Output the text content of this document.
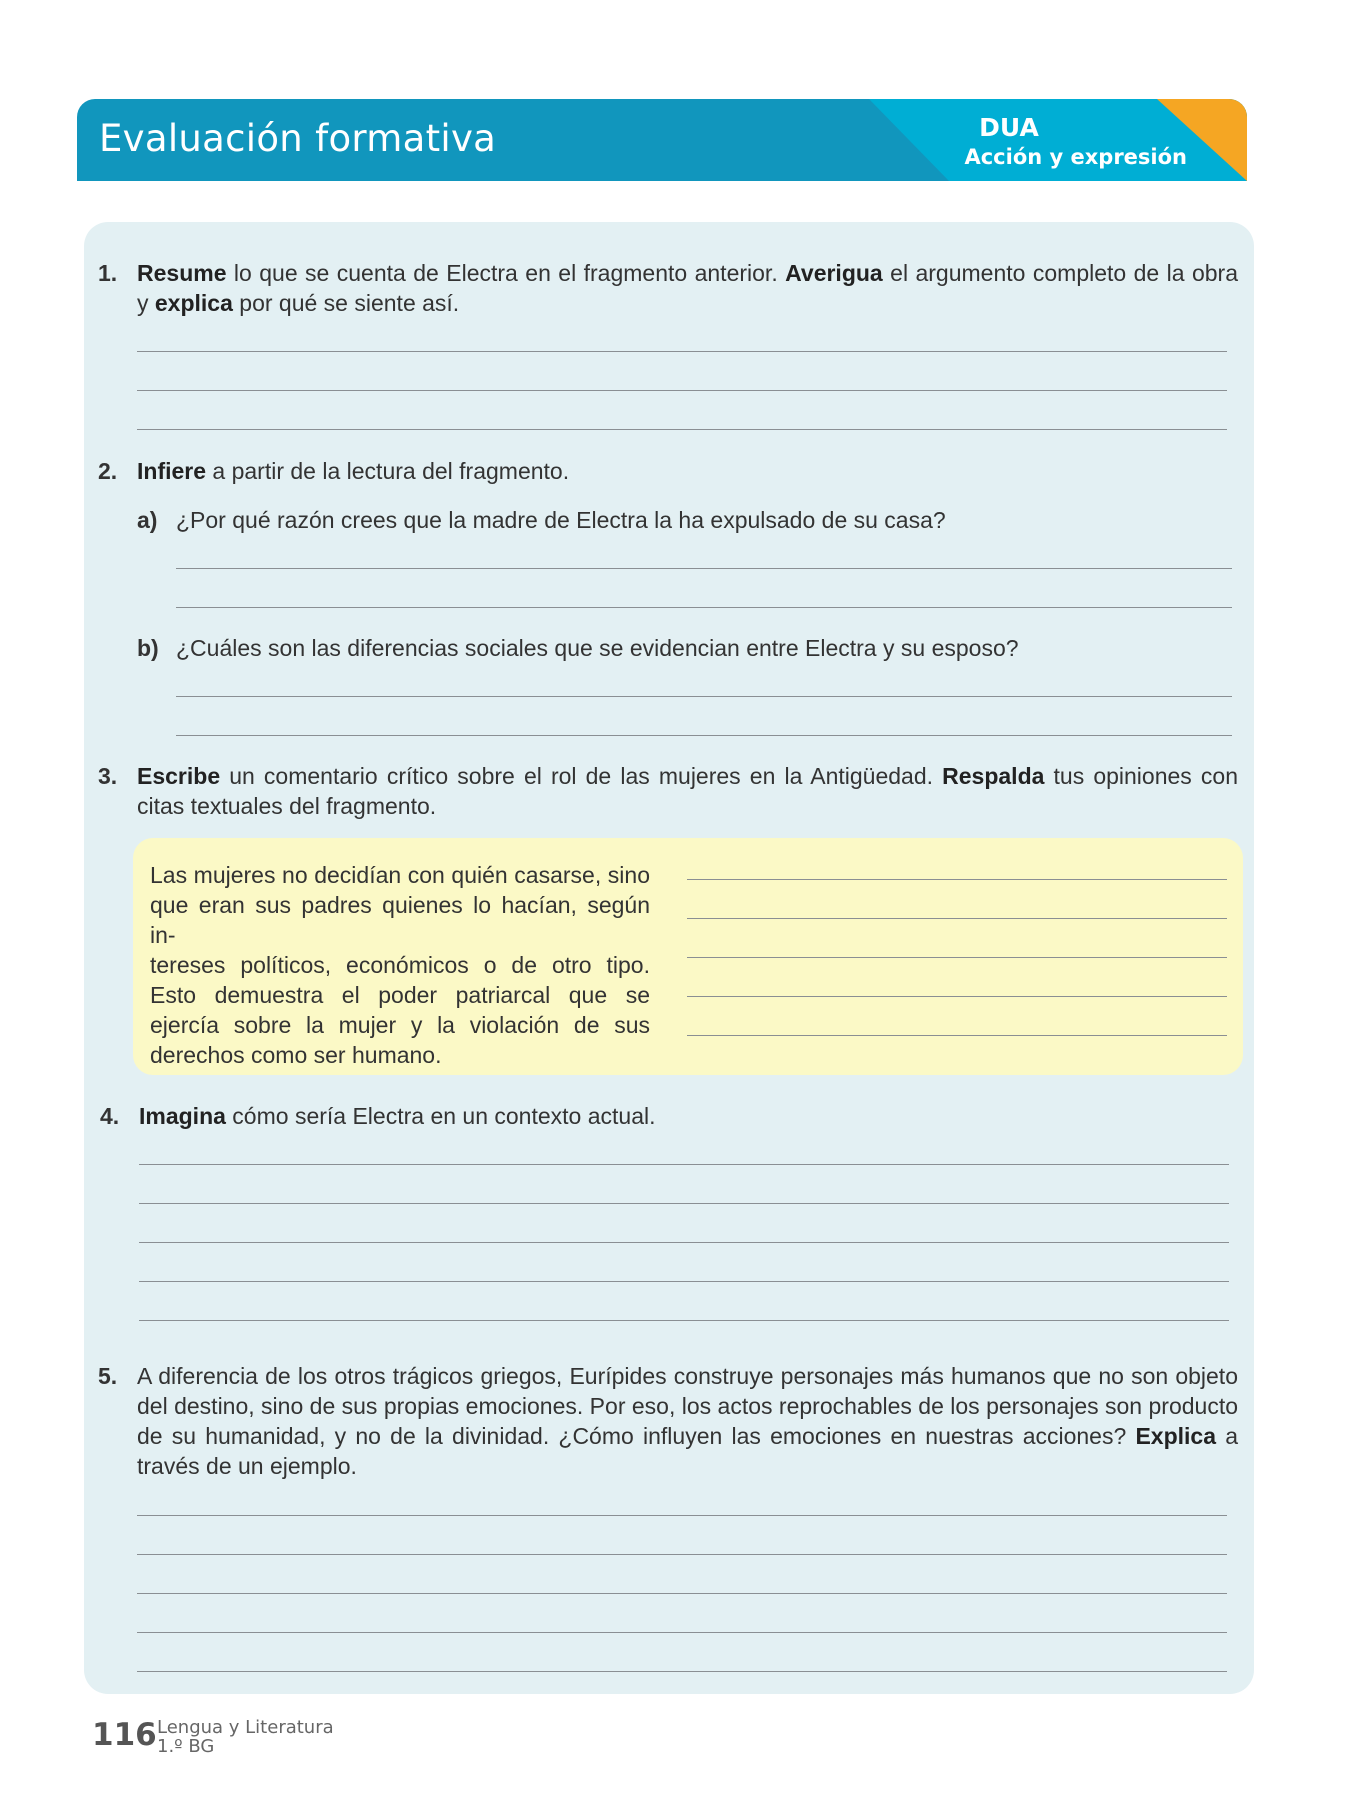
Evaluación formativa	DUA
Acción y expresión
1. Resume lo que se cuenta de Electra en el fragmento anterior. Averigua el argumento completo de la obra y explica por qué se siente así.
2. Infiere a partir de la lectura del fragmento.
a) ¿Por qué razón crees que la madre de Electra la ha expulsado de su casa?
b) ¿Cuáles son las diferencias sociales que se evidencian entre Electra y su esposo?
3. Escribe un comentario crítico sobre el rol de las mujeres en la Antigüedad. Respalda tus opiniones con citas textuales del fragmento.
Las mujeres no decidían con quién casarse, sino que eran sus padres quienes lo hacían, según in-
tereses políticos, económicos o de otro tipo. Esto demuestra el poder patriarcal que se ejercía sobre la mujer y la violación de sus derechos como ser humano.
4. Imagina cómo sería Electra en un contexto actual.
5. A diferencia de los otros trágicos griegos, Eurípides construye personajes más humanos que no son objeto del destino, sino de sus propias emociones. Por eso, los actos reprochables de los personajes son producto de su humanidad, y no de la divinidad. ¿Cómo influyen las emociones en nuestras acciones? Explica a través de un ejemplo.
116 Lengua y Literatura
1.º BG
